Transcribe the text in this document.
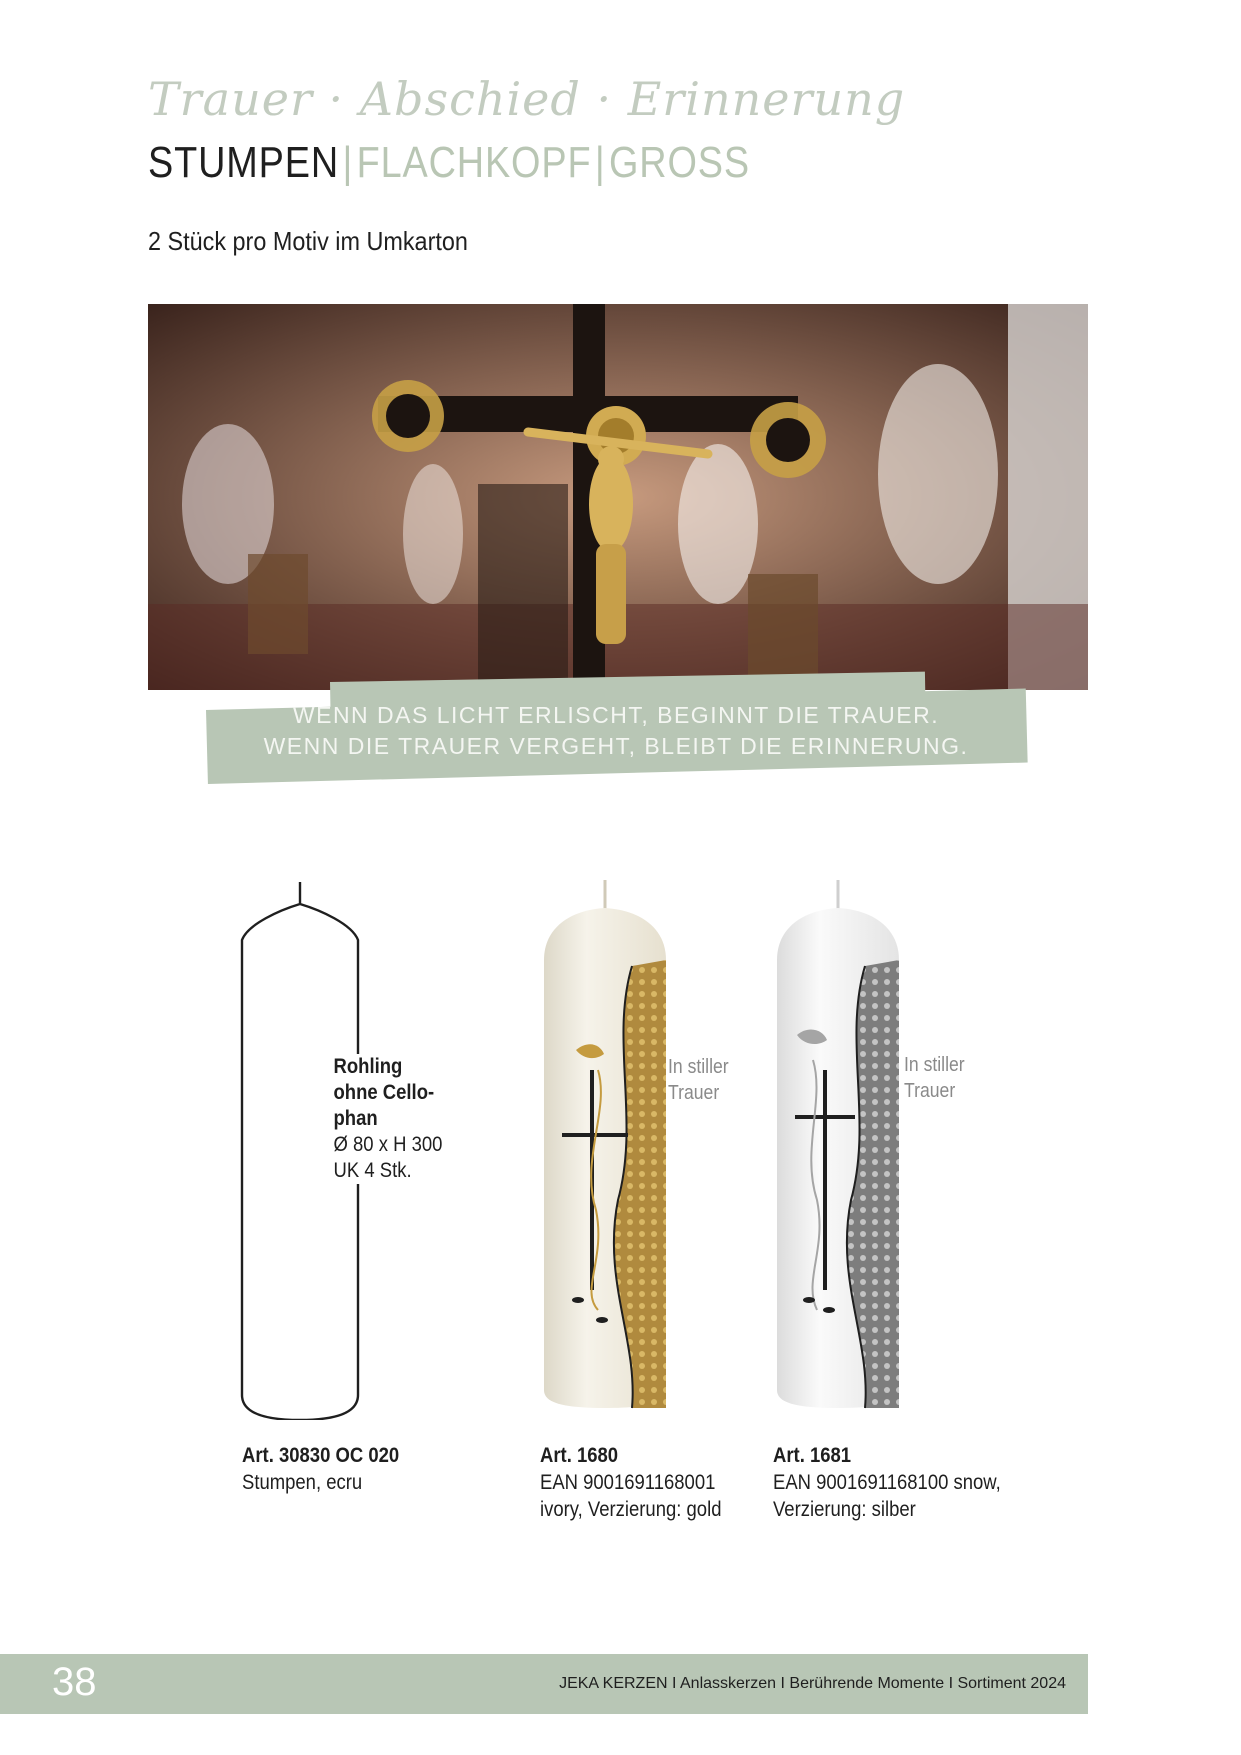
Trauer · Abschied · Erinnerung
STUMPEN|FLACHKOPF|GROSS
2 Stück pro Motiv im Umkarton
WENN DAS LICHT ERLISCHT, BEGINNT DIE TRAUER.
WENN DIE TRAUER VERGEHT, BLEIBT DIE ERINNERUNG.
Rohling
ohne Cello-
phan
Ø 80 x H 300
UK 4 Stk.
Art. 30830 OC 020
Stumpen, ecru
In stiller
Trauer
Art. 1680
EAN 9001691168001
ivory, Verzierung: gold
In stiller
Trauer
Art. 1681
EAN 9001691168100 snow,
Verzierung: silber
38	JEKA KERZEN I Anlasskerzen I Berührende Momente I Sortiment 2024
